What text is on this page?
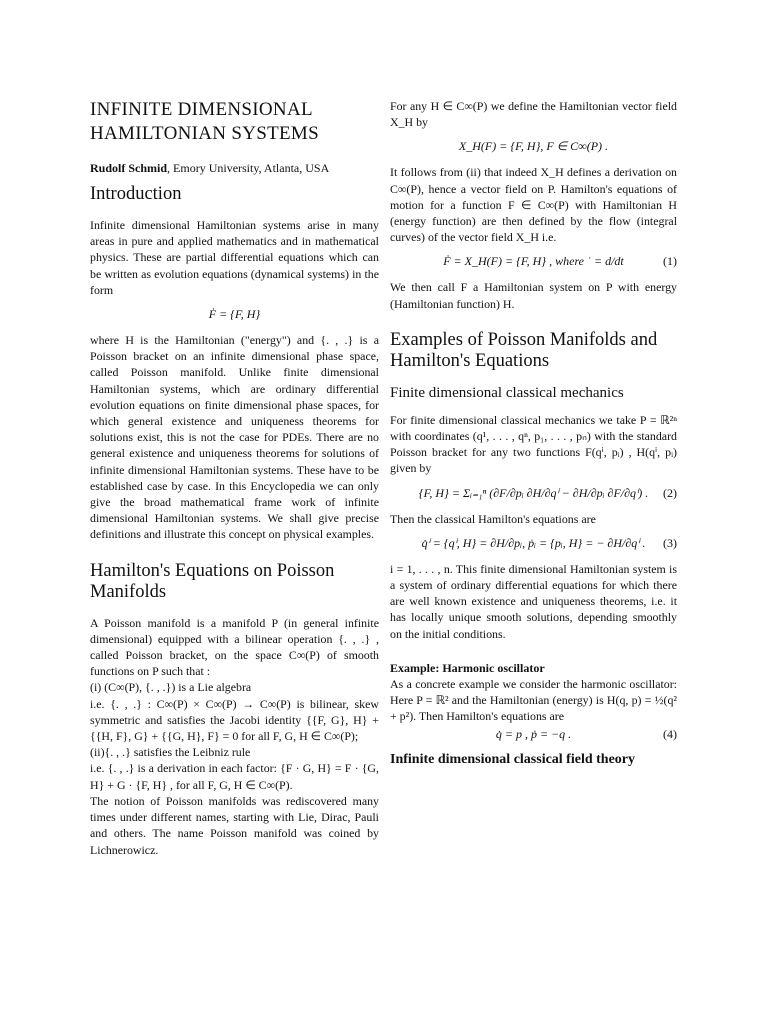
INFINITE DIMENSIONAL HAMILTONIAN SYSTEMS
Rudolf Schmid, Emory University, Atlanta, USA
Introduction

Infinite dimensional Hamiltonian systems arise in many areas in pure and applied mathematics and in mathematical physics. These are partial differential equations which can be written as evolution equations (dynamical systems) in the form

Ḟ = {F, H}

where H is the Hamiltonian ("energy") and {. , .} is a Poisson bracket on an infinite dimensional phase space, called Poisson manifold. Unlike finite dimensional Hamiltonian systems, which are ordinary differential evolution equations on finite dimensional phase spaces, for which general existence and uniqueness theorems for solutions exist, this is not the case for PDEs. There are no general existence and uniqueness theorems for solutions of infinite dimensional Hamiltonian systems. These have to be established case by case. In this Encyclopedia we can only give the broad mathematical frame work of infinite dimensional Hamiltonian systems. We shall give precise definitions and illustrate this concept on physical examples.

Hamilton's Equations on Poisson Manifolds

A Poisson manifold is a manifold P (in general infinite dimensional) equipped with a bilinear operation {. , .} , called Poisson bracket, on the space C∞(P) of smooth functions on P such that :

(i) (C∞(P), {. , .}) is a Lie algebra

i.e. {. , .} : C∞(P) × C∞(P) → C∞(P) is bilinear, skew symmetric and satisfies the Jacobi identity {{F, G}, H} + {{H, F}, G} + {{G, H}, F} = 0 for all F, G, H ∈ C∞(P);

(ii){. , .} satisfies the Leibniz rule

i.e. {. , .} is a derivation in each factor: {F · G, H} = F · {G, H} + G · {F, H} , for all F, G, H ∈ C∞(P).

The notion of Poisson manifolds was rediscovered many times under different names, starting with Lie, Dirac, Pauli and others. The name Poisson manifold was coined by Lichnerowicz.

For any H ∈ C∞(P) we define the Hamiltonian vector field X_H by

X_H(F) = {F, H}, F ∈ C∞(P) .

It follows from (ii) that indeed X_H defines a derivation on C∞(P), hence a vector field on P. Hamilton's equations of motion for a function F ∈ C∞(P) with Hamiltonian H (energy function) are then defined by the flow (integral curves) of the vector field X_H i.e.

Ḟ = X_H(F) = {F, H} , where ˙ = d/dt	(1)

We then call F a Hamiltonian system on P with energy (Hamiltonian function) H.

Examples of Poisson Manifolds and Hamilton's Equations
Finite dimensional classical mechanics

For finite dimensional classical mechanics we take P = ℝ²ⁿ with coordinates (q¹, . . . , qⁿ, p₁, . . . , pₙ) with the standard Poisson bracket for any two functions F(qⁱ, pᵢ) , H(qⁱ, pᵢ) given by

{F, H} = Σᵢ₌₁ⁿ (∂F/∂pᵢ ∂H/∂qⁱ − ∂H/∂pᵢ ∂F/∂qⁱ) . (2)

Then the classical Hamilton's equations are

q̇ⁱ = {qⁱ, H} = ∂H/∂pᵢ, ṗᵢ = {pᵢ, H} = − ∂H/∂qⁱ . (3)

i = 1, . . . , n. This finite dimensional Hamiltonian system is a system of ordinary differential equations for which there are well known existence and uniqueness theorems, i.e. it has locally unique smooth solutions, depending smoothly on the initial conditions.

Example: Harmonic oscillator

As a concrete example we consider the harmonic oscillator: Here P = ℝ² and the Hamiltonian (energy) is H(q, p) = ½(q² + p²). Then Hamilton's equations are

q̇ = p , ṗ = −q .	(4)
Infinite dimensional classical field theory
